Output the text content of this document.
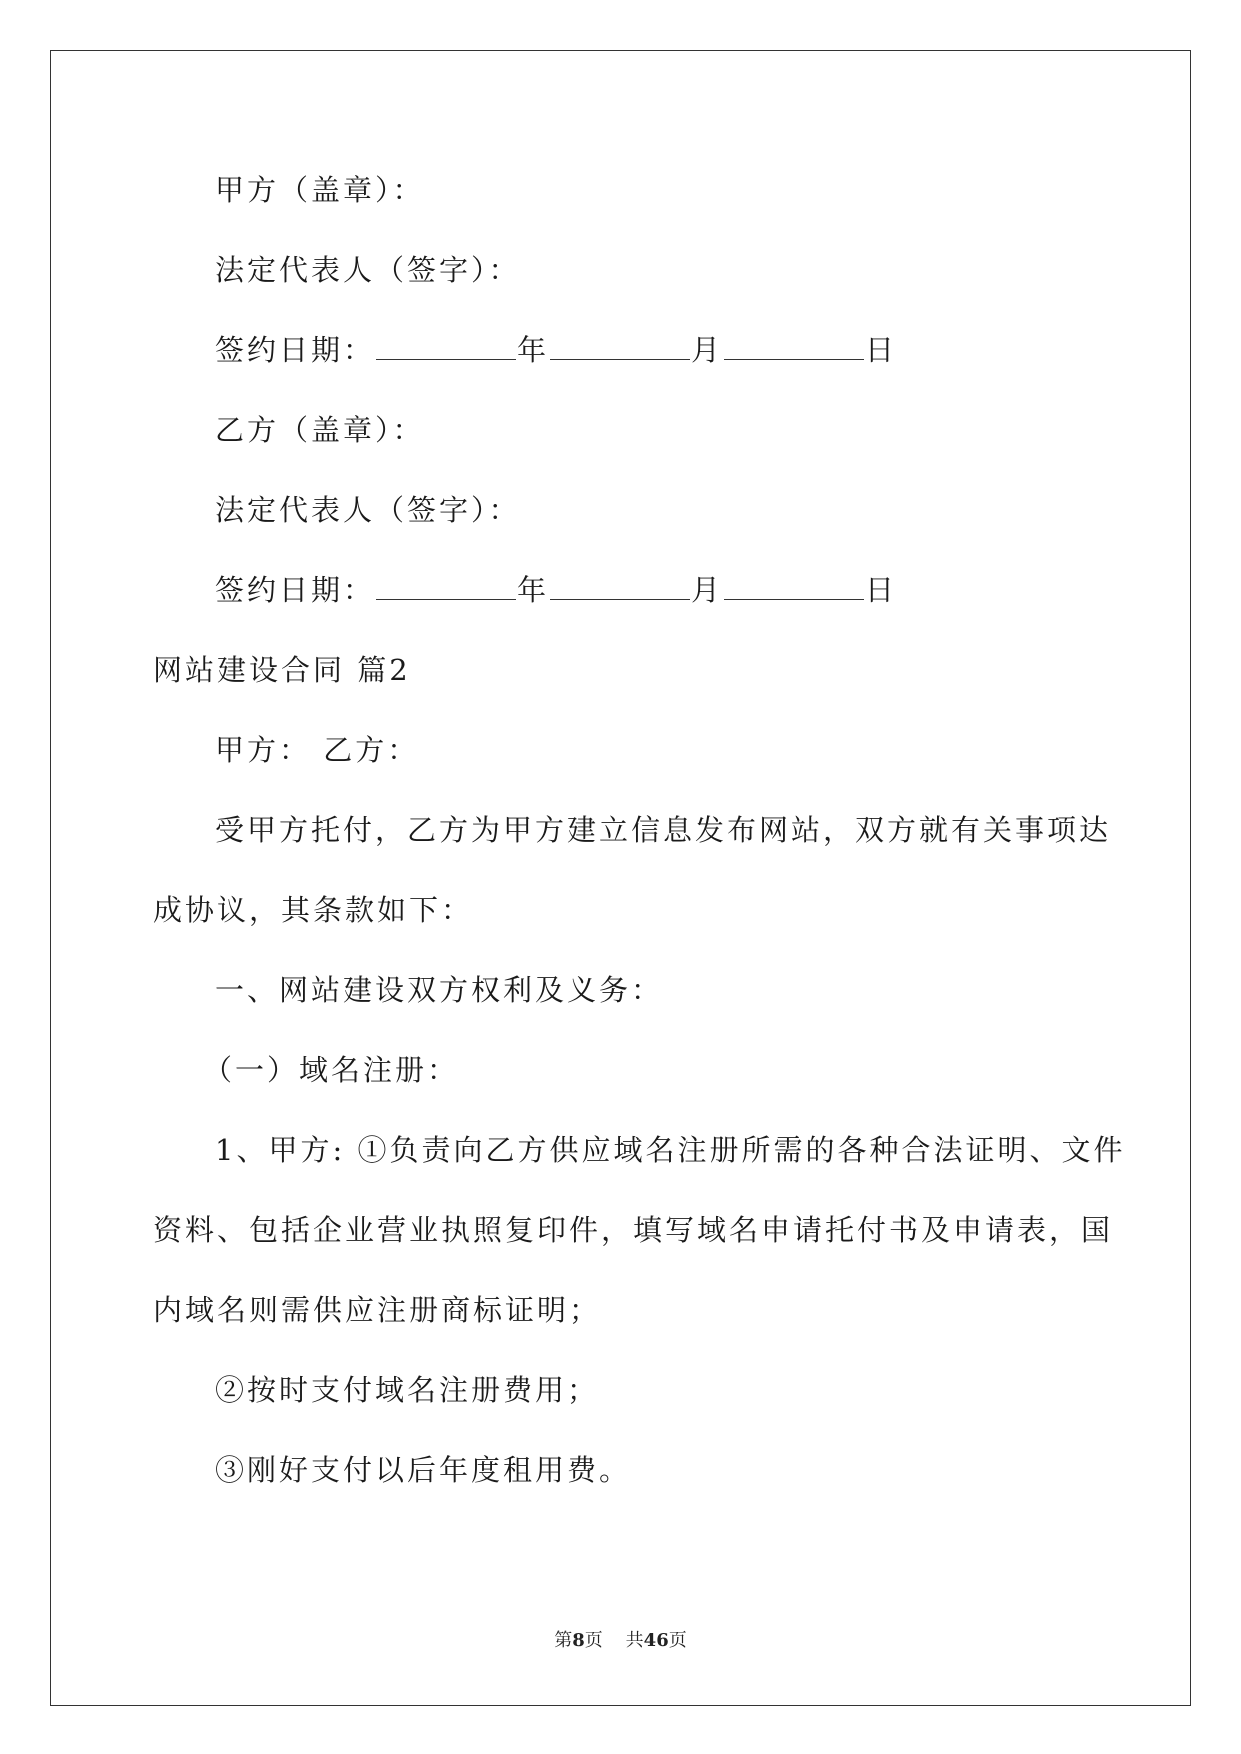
甲方（盖章）：
法定代表人（签字）：
签约日期：	年	月	日
乙方（盖章）：
法定代表人（签字）：
签约日期：	年	月	日
网站建设合同 篇2
甲方： 乙方：
受甲方托付，乙方为甲方建立信息发布网站，双方就有关事项达
成协议，其条款如下：
一、网站建设双方权利及义务：
（一）域名注册：
1、甲方: ①负责向乙方供应域名注册所需的各种合法证明、文件
资料、包括企业营业执照复印件，填写域名申请托付书及申请表，国
内域名则需供应注册商标证明；
②按时支付域名注册费用；
③刚好支付以后年度租用费。
第8页 共46页
